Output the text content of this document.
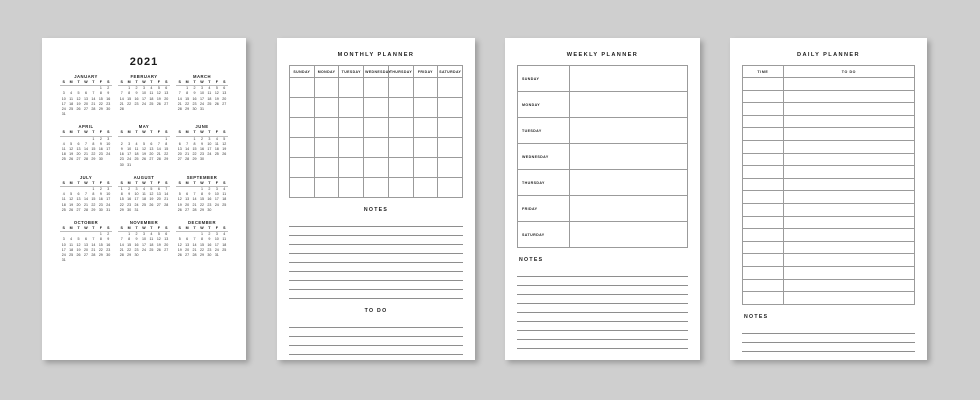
2021
JANUARY
S	M	T	W	T	F	S
					1	2
3	4	5	6	7	8	9
10	11	12	13	14	15	16
17	18	19	20	21	22	23
24	25	26	27	28	29	30
31						
FEBRUARY
S	M	T	W	T	F	S
	1	2	3	4	5	6
7	8	9	10	11	12	13
14	15	16	17	18	19	20
21	22	23	24	25	26	27
28						
MARCH
S	M	T	W	T	F	S
	1	2	3	4	5	6
7	8	9	10	11	12	13
14	15	16	17	18	19	20
21	22	23	24	25	26	27
28	29	30	31			
APRIL
S	M	T	W	T	F	S
				1	2	3
4	5	6	7	8	9	10
11	12	13	14	15	16	17
18	19	20	21	22	23	24
25	26	27	28	29	30	
MAY
S	M	T	W	T	F	S
						1
2	3	4	5	6	7	8
9	10	11	12	13	14	15
16	17	18	19	20	21	22
23	24	25	26	27	28	29
30	31					
JUNE
S	M	T	W	T	F	S
		1	2	3	4	5
6	7	8	9	10	11	12
13	14	15	16	17	18	19
20	21	22	23	24	25	26
27	28	29	30			
JULY
S	M	T	W	T	F	S
				1	2	3
4	5	6	7	8	9	10
11	12	13	14	15	16	17
18	19	20	21	22	23	24
25	26	27	28	29	30	31
AUGUST
S	M	T	W	T	F	S
1	2	3	4	5	6	7
8	9	10	11	12	13	14
15	16	17	18	19	20	21
22	23	24	25	26	27	28
29	30	31				
SEPTEMBER
S	M	T	W	T	F	S
			1	2	3	4
5	6	7	8	9	10	11
12	13	14	15	16	17	18
19	20	21	22	23	24	25
26	27	28	29	30		
OCTOBER
S	M	T	W	T	F	S
					1	2
3	4	5	6	7	8	9
10	11	12	13	14	15	16
17	18	19	20	21	22	23
24	25	26	27	28	29	30
31						
NOVEMBER
S	M	T	W	T	F	S
	1	2	3	4	5	6
7	8	9	10	11	12	13
14	15	16	17	18	19	20
21	22	23	24	25	26	27
28	29	30				
DECEMBER
S	M	T	W	T	F	S
			1	2	3	4
5	6	7	8	9	10	11
12	13	14	15	16	17	18
19	20	21	22	23	24	25
26	27	28	29	30	31	
MONTHLY PLANNER
SUNDAY	MONDAY	TUESDAY	WEDNESDAY	THURSDAY	FRIDAY	SATURDAY

NOTES
TO DO
WEEKLY PLANNER
SUNDAY	
MONDAY	
TUESDAY	
WEDNESDAY	
THURSDAY	
FRIDAY	
SATURDAY	
NOTES
DAILY PLANNER
TIME	TO DO

NOTES
